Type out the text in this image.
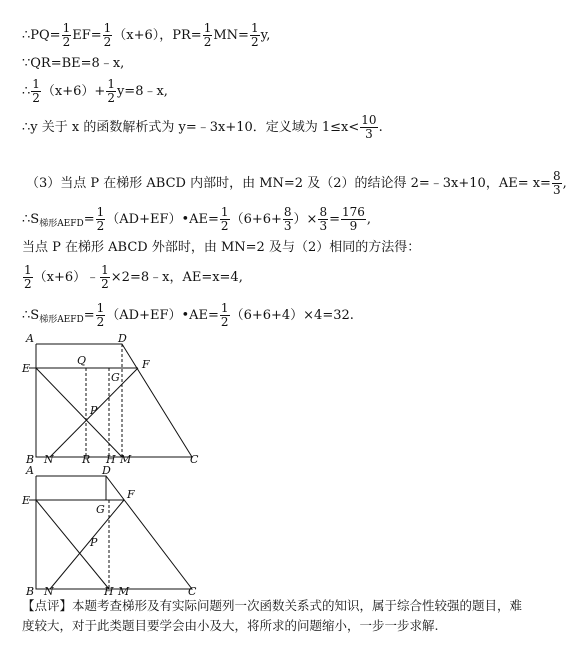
∴PQ= $\frac{1}{2} EF= \frac{1}{2} (x+6)$，$PR= \frac{1}{2} MN= \frac{1}{2} y$,
∵QR=BE=8﹣x,
∴ $\frac{1}{2} (x+6)+ \frac{1}{2}$ y=8﹣x,
∴y 关于 x 的函数解析式为 y=﹣3x+10．定义域为 $1\le x< \frac{10}{3}$ .
（3）当点 P 在梯形 ABCD 内部时，由 MN=2 及（2）的结论得 2=﹣3x+10，$AE= x= \frac{8}{3}$ ,
$\therefore S_{梯形AEFD}= \frac{1}{2}$ （AD+EF）•AE= $\frac{1}{2} (6+6+ \frac{8}{3}$ ）× $\frac{8}{3} = \frac{176}{9}$ ,
当点 P 在梯形 ABCD 外部时，由 MN=2 及与（2）相同的方法得：
$\frac{1}{2}$ （x+6）﹣ $\frac{1}{2}$ ×2=8﹣x，AE=x=4,
$\therefore S_{梯形AEFD}= \frac{1}{2}$ （AD+EF）•AE= $\frac{1}{2} (6+6+4)\times 4=32$.
A	D
Q
E
G
F
P
B N	R H M	C
A	D
E	F
G
P
B N	H M	C
【点评】本题考查梯形及有实际问题列一次函数关系式的知识，属于综合性较强的题目，难度较大，对于此类题目要学会由小及大，将所求的问题缩小，一步一步求解.
